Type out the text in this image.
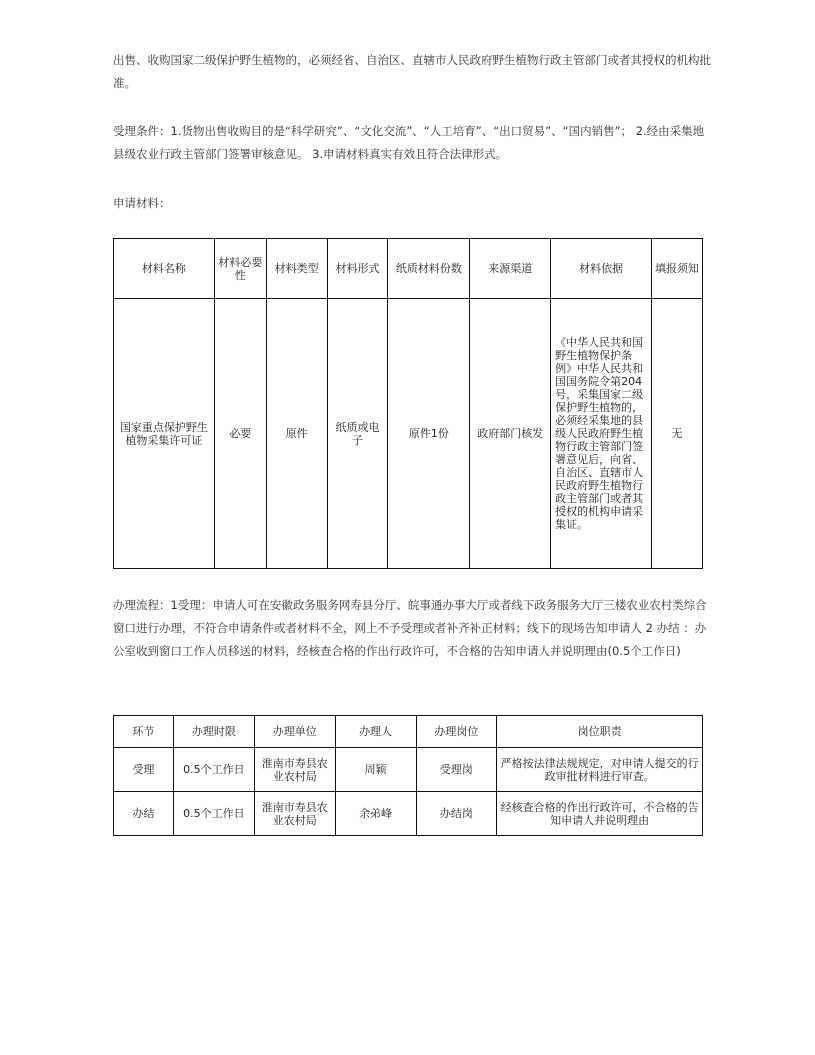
出售、收购国家二级保护野生植物的，必须经省、自治区、直辖市人民政府野生植物行政主管部门或者其授权的机构批准。
受理条件：1.货物出售收购目的是“科学研究”、“文化交流”、“人工培育”、“出口贸易”、“国内销售”； 2.经由采集地县级农业行政主管部门签署审核意见。 3.申请材料真实有效且符合法律形式。
申请材料：
材料名称	材料必要性	材料类型	材料形式	纸质材料份数	来源渠道	材料依据	填报须知
国家重点保护野生植物采集许可证	必要	原件	纸质或电子	原件1份	政府部门核发	《中华人民共和国野生植物保护条例》中华人民共和国国务院令第204号，采集国家二级保护野生植物的，必须经采集地的县级人民政府野生植物行政主管部门签署意见后，向省、自治区、直辖市人民政府野生植物行政主管部门或者其授权的机构申请采集证。	无
办理流程：1受理：申请人可在安徽政务服务网寿县分厅、皖事通办事大厅或者线下政务服务大厅三楼农业农村类综合窗口进行办理，不符合申请条件或者材料不全，网上不予受理或者补齐补正材料；线下的现场告知申请人 2 办结 ：办公室收到窗口工作人员移送的材料，经核查合格的作出行政许可，不合格的告知申请人并说明理由(0.5个工作日)
环节	办理时限	办理单位	办理人	办理岗位	岗位职责
受理	0.5个工作日	淮南市寿县农业农村局	周颖	受理岗	严格按法律法规规定，对申请人提交的行政审批材料进行审查。
办结	0.5个工作日	淮南市寿县农业农村局	余弟峰	办结岗	经核查合格的作出行政许可，不合格的告知申请人并说明理由
